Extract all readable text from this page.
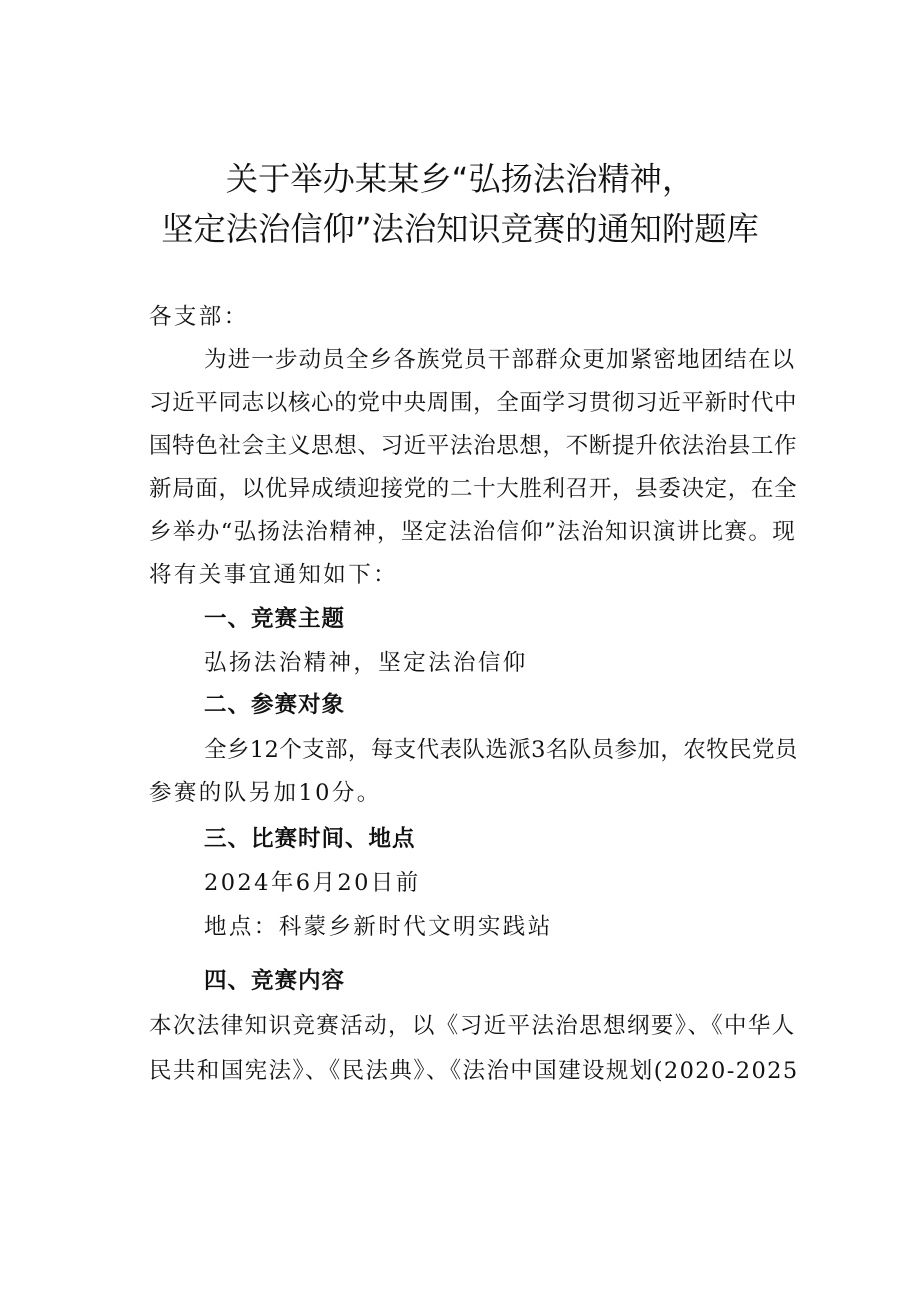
关于举办某某乡“弘扬法治精神，
坚定法治信仰”法治知识竞赛的通知附题库
各支部：
为进一步动员全乡各族党员干部群众更加紧密地团结在以
习近平同志以核心的党中央周围，全面学习贯彻习近平新时代中
国特色社会主义思想、习近平法治思想，不断提升依法治县工作
新局面，以优异成绩迎接党的二十大胜利召开，县委决定，在全
乡举办“弘扬法治精神，坚定法治信仰”法治知识演讲比赛。现
将有关事宜通知如下：
一、竞赛主题
弘扬法治精神，坚定法治信仰
二、参赛对象
全乡12个支部，每支代表队选派3名队员参加，农牧民党员
参赛的队另加10分。
三、比赛时间、地点
2024年6月20日前
地点：科蒙乡新时代文明实践站
四、竞赛内容
本次法律知识竞赛活动，以《习近平法治思想纲要》、《中华人
民共和国宪法》、《民法典》、《法治中国建设规划(2020-2025
